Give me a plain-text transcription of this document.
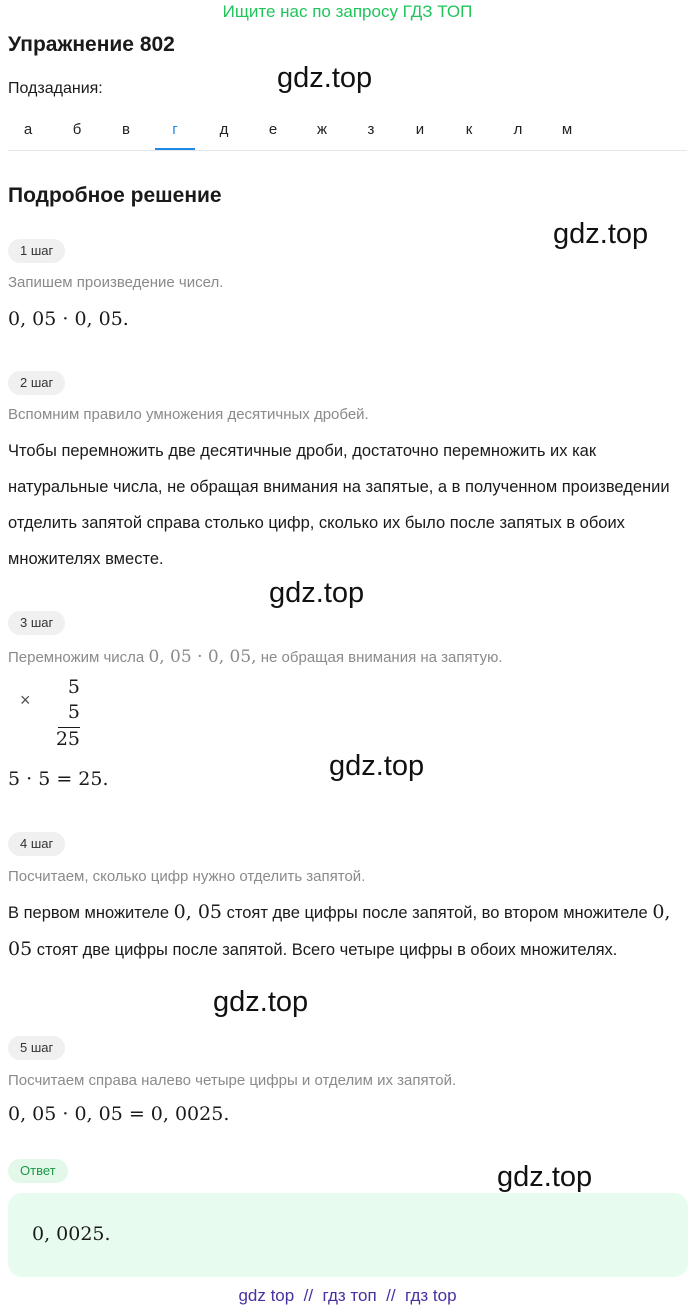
Ищите нас по запросу ГДЗ ТОП
Упражнение 802
Подзадания:	gdz.top
а	б	в	г	д	е	ж	з	и	к	л	м
Подробное решение
gdz.top
1 шаг
Запишем произведение чисел.
0, 05 · 0, 05.
2 шаг
Вспомним правило умножения десятичных дробей.
Чтобы перемножить две десятичные дроби, достаточно перемножить их как натуральные числа, не обращая внимания на запятые, а в полученном произведении отделить запятой справа столько цифр, сколько их было после запятых в обоих множителях вместе.
gdz.top
3 шаг
Перемножим числа 0, 05 · 0, 05, не обращая внимания на запятую.
×
5
5
25
5 · 5 = 25.	gdz.top
4 шаг
Посчитаем, сколько цифр нужно отделить запятой.
В первом множителе 0, 05 стоят две цифры после запятой, во втором множителе 0, 05 стоят две цифры после запятой. Всего четыре цифры в обоих множителях.
gdz.top
5 шаг
Посчитаем справа налево четыре цифры и отделим их запятой.
0, 05 · 0, 05 = 0, 0025.
Ответ	gdz.top
0, 0025.
gdz top  //  гдз топ  //  гдз top
